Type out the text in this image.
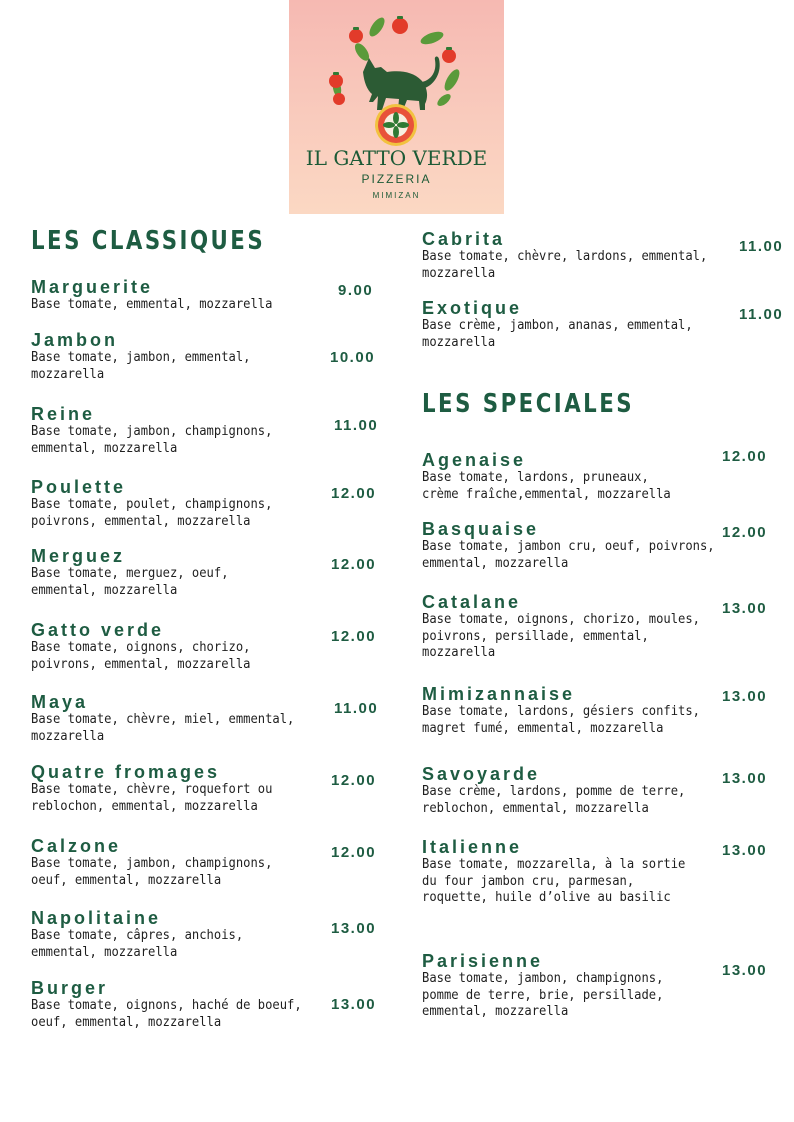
IL GATTO VERDE
PIZZERIA
MIMIZAN
LES CLASSIQUES
Marguerite
Base tomate, emmental, mozzarella
9.00
Jambon
Base tomate, jambon, emmental, mozzarella
10.00
Reine
Base tomate, jambon, champignons, emmental, mozzarella
11.00
Poulette
Base tomate, poulet, champignons, poivrons, emmental, mozzarella
12.00
Merguez
Base tomate, merguez, oeuf, emmental, mozzarella
12.00
Gatto verde
Base tomate, oignons, chorizo, poivrons, emmental, mozzarella
12.00
Maya
Base tomate, chèvre, miel, emmental, mozzarella
11.00
Quatre fromages
Base tomate, chèvre, roquefort ou reblochon, emmental, mozzarella
12.00
Calzone
Base tomate, jambon, champignons, oeuf, emmental, mozzarella
12.00
Napolitaine
Base tomate, câpres, anchois, emmental, mozzarella
13.00
Burger
Base tomate, oignons, haché de boeuf, oeuf, emmental, mozzarella
13.00
Cabrita
Base tomate, chèvre, lardons, emmental, mozzarella
11.00
Exotique
Base crème, jambon, ananas, emmental, mozzarella
11.00
LES SPECIALES
Agenaise
Base tomate, lardons, pruneaux, crème fraîche,emmental, mozzarella
12.00
Basquaise
Base tomate, jambon cru, oeuf, poivrons, emmental, mozzarella
12.00
Catalane
Base tomate, oignons, chorizo, moules, poivrons, persillade, emmental, mozzarella
13.00
Mimizannaise
Base tomate, lardons, gésiers confits, magret fumé, emmental, mozzarella
13.00
Savoyarde
Base crème, lardons, pomme de terre, reblochon, emmental, mozzarella
13.00
Italienne
Base tomate, mozzarella, à la sortie du four jambon cru, parmesan, roquette, huile d’olive au basilic
13.00
Parisienne
Base tomate, jambon, champignons, pomme de terre, brie, persillade, emmental, mozzarella
13.00
